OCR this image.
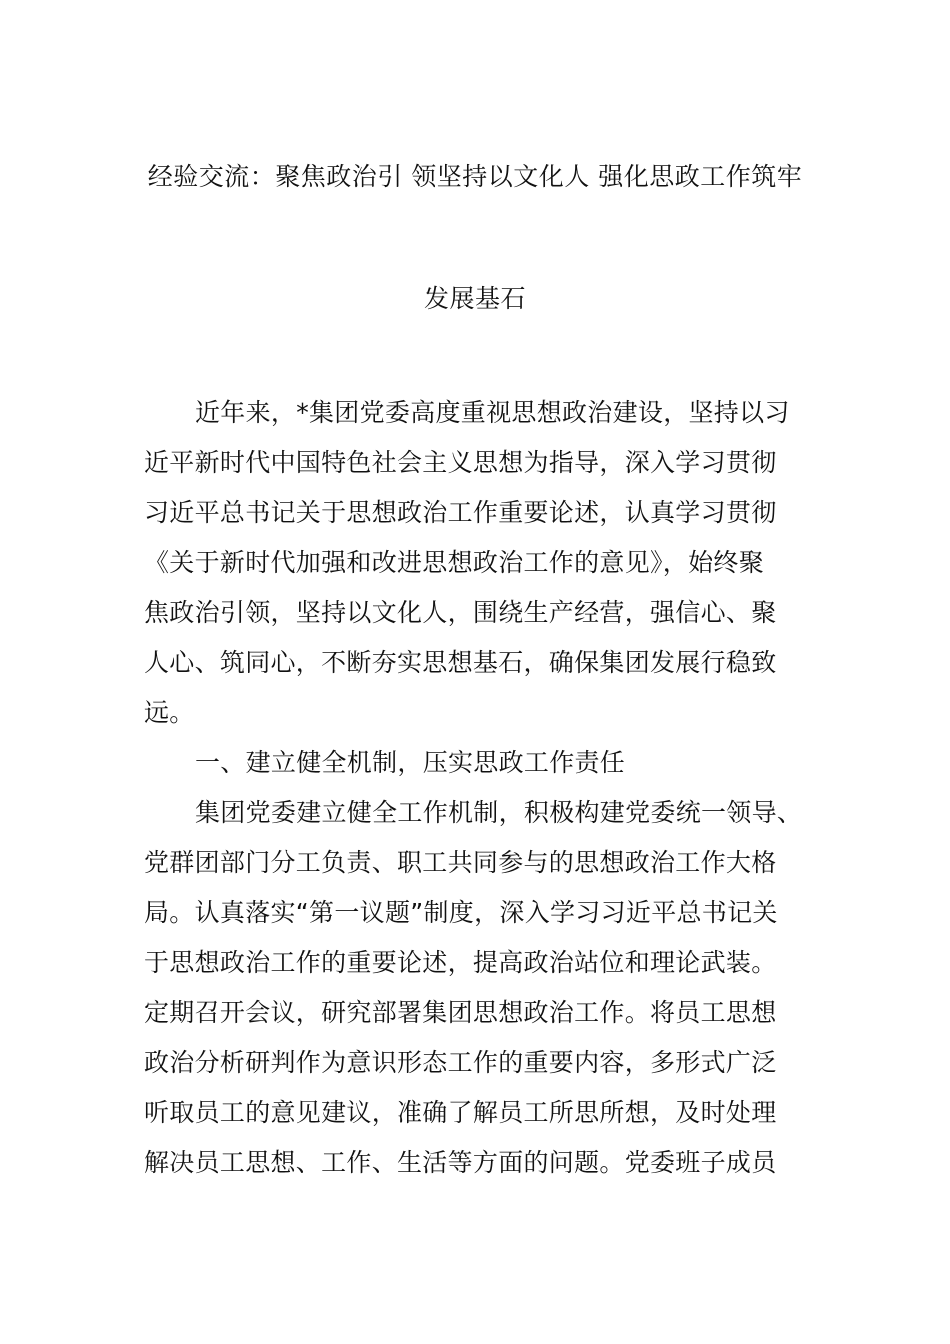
经验交流：聚焦政治引 领坚持以文化人 强化思政工作筑牢
发展基石
近年来，*集团党委高度重视思想政治建设，坚持以习
近平新时代中国特色社会主义思想为指导，深入学习贯彻
习近平总书记关于思想政治工作重要论述，认真学习贯彻
《关于新时代加强和改进思想政治工作的意见》，始终聚
焦政治引领，坚持以文化人，围绕生产经营，强信心、聚
人心、筑同心，不断夯实思想基石，确保集团发展行稳致
远。
一、建立健全机制，压实思政工作责任
集团党委建立健全工作机制，积极构建党委统一领导、
党群团部门分工负责、职工共同参与的思想政治工作大格
局。认真落实“第一议题”制度，深入学习习近平总书记关
于思想政治工作的重要论述，提高政治站位和理论武装。
定期召开会议，研究部署集团思想政治工作。将员工思想
政治分析研判作为意识形态工作的重要内容，多形式广泛
听取员工的意见建议，准确了解员工所思所想，及时处理
解决员工思想、工作、生活等方面的问题。党委班子成员
